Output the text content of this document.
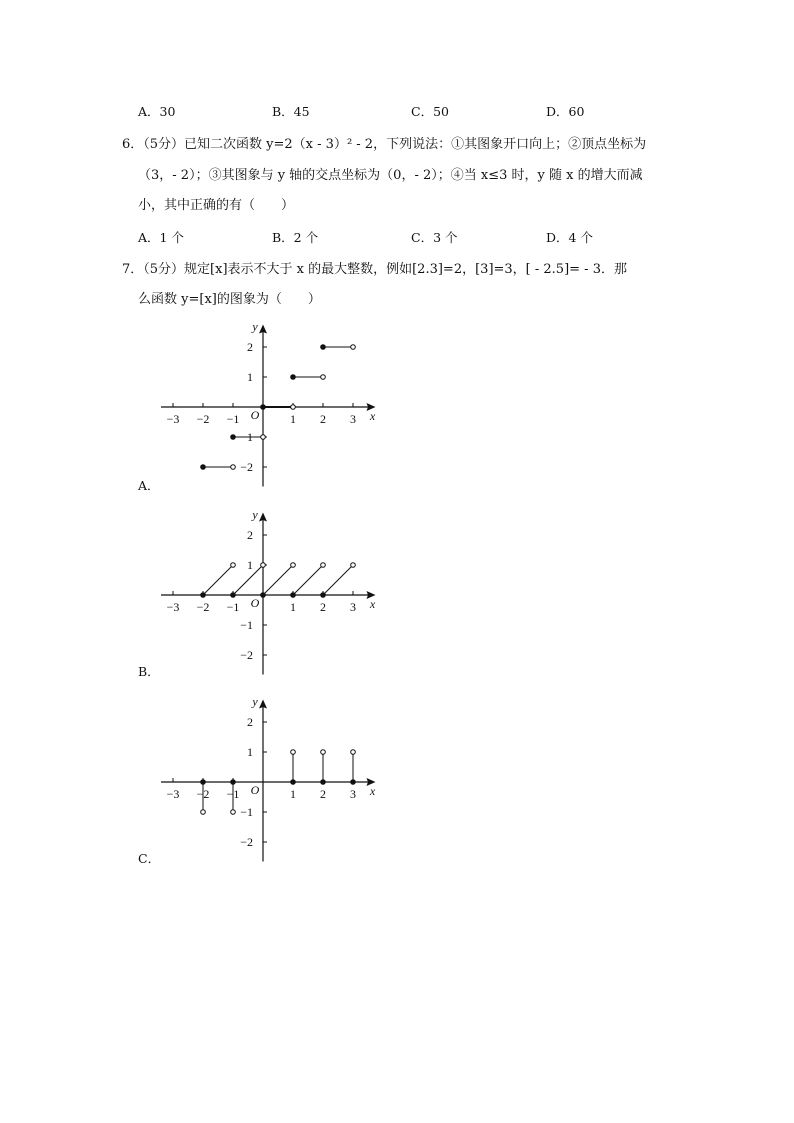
A．30	B．45	C．50	D．60
6．（5分）已知二次函数 y=2（x - 3）² - 2，下列说法：①其图象开口向上；②顶点坐标为
（3，- 2）；③其图象与 y 轴的交点坐标为（0，- 2）；④当 x≤3 时，y 随 x 的增大而减
小，其中正确的有（　　）
A．1 个	B．2 个	C．3 个	D．4 个
7．（5分）规定[x]表示不大于 x 的最大整数，例如[2.3]=2，[3]=3，[ - 2.5]= - 3．那
么函数 y=[x]的图象为（　　）
−3 −2 −1	1 2 3
2
1
−1
−2
O	x
y
A．
−3 −2 −1	1 2 3
2
1
−1
−2
O	x
y
B．
−3 −2 −1	1 2 3
2
1
−1
−2
O	x
y
C．
